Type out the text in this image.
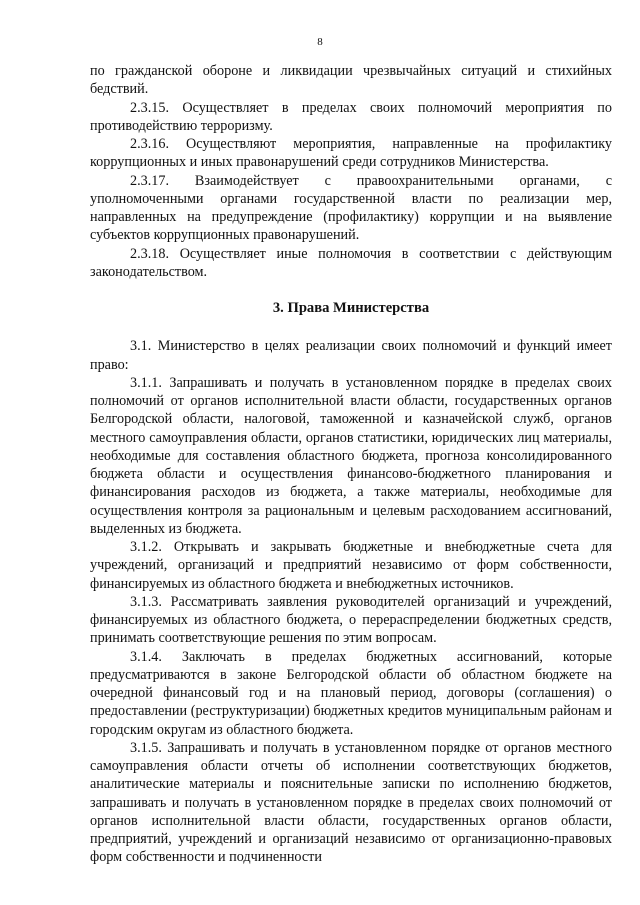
8

по гражданской обороне и ликвидации чрезвычайных ситуаций и стихийных бедствий.

2.3.15. Осуществляет в пределах своих полномочий мероприятия по противодействию терроризму.

2.3.16. Осуществляют мероприятия, направленные на профилактику коррупционных и иных правонарушений среди сотрудников Министерства.

2.3.17. Взаимодействует с правоохранительными органами, с уполномоченными органами государственной власти по реализации мер, направленных на предупреждение (профилактику) коррупции и на выявление субъектов коррупционных правонарушений.

2.3.18. Осуществляет иные полномочия в соответствии с действующим законодательством.

3. Права Министерства

3.1. Министерство в целях реализации своих полномочий и функций имеет право:

3.1.1. Запрашивать и получать в установленном порядке в пределах своих полномочий от органов исполнительной власти области, государственных органов Белгородской области, налоговой, таможенной и казначейской служб, органов местного самоуправления области, органов статистики, юридических лиц материалы, необходимые для составления областного бюджета, прогноза консолидированного бюджета области и осуществления финансово-бюджетного планирования и финансирования расходов из бюджета, а также материалы, необходимые для осуществления контроля за рациональным и целевым расходованием ассигнований, выделенных из бюджета.

3.1.2. Открывать и закрывать бюджетные и внебюджетные счета для учреждений, организаций и предприятий независимо от форм собственности, финансируемых из областного бюджета и внебюджетных источников.

3.1.3. Рассматривать заявления руководителей организаций и учреждений, финансируемых из областного бюджета, о перераспределении бюджетных средств, принимать соответствующие решения по этим вопросам.

3.1.4. Заключать в пределах бюджетных ассигнований, которые предусматриваются в законе Белгородской области об областном бюджете на очередной финансовый год и на плановый период, договоры (соглашения) о предоставлении (реструктуризации) бюджетных кредитов муниципальным районам и городским округам из областного бюджета.

3.1.5. Запрашивать и получать в установленном порядке от органов местного самоуправления области отчеты об исполнении соответствующих бюджетов, аналитические материалы и пояснительные записки по исполнению бюджетов, запрашивать и получать в установленном порядке в пределах своих полномочий от органов исполнительной власти области, государственных органов области, предприятий, учреждений и организаций независимо от организационно-правовых форм собственности и подчиненности
